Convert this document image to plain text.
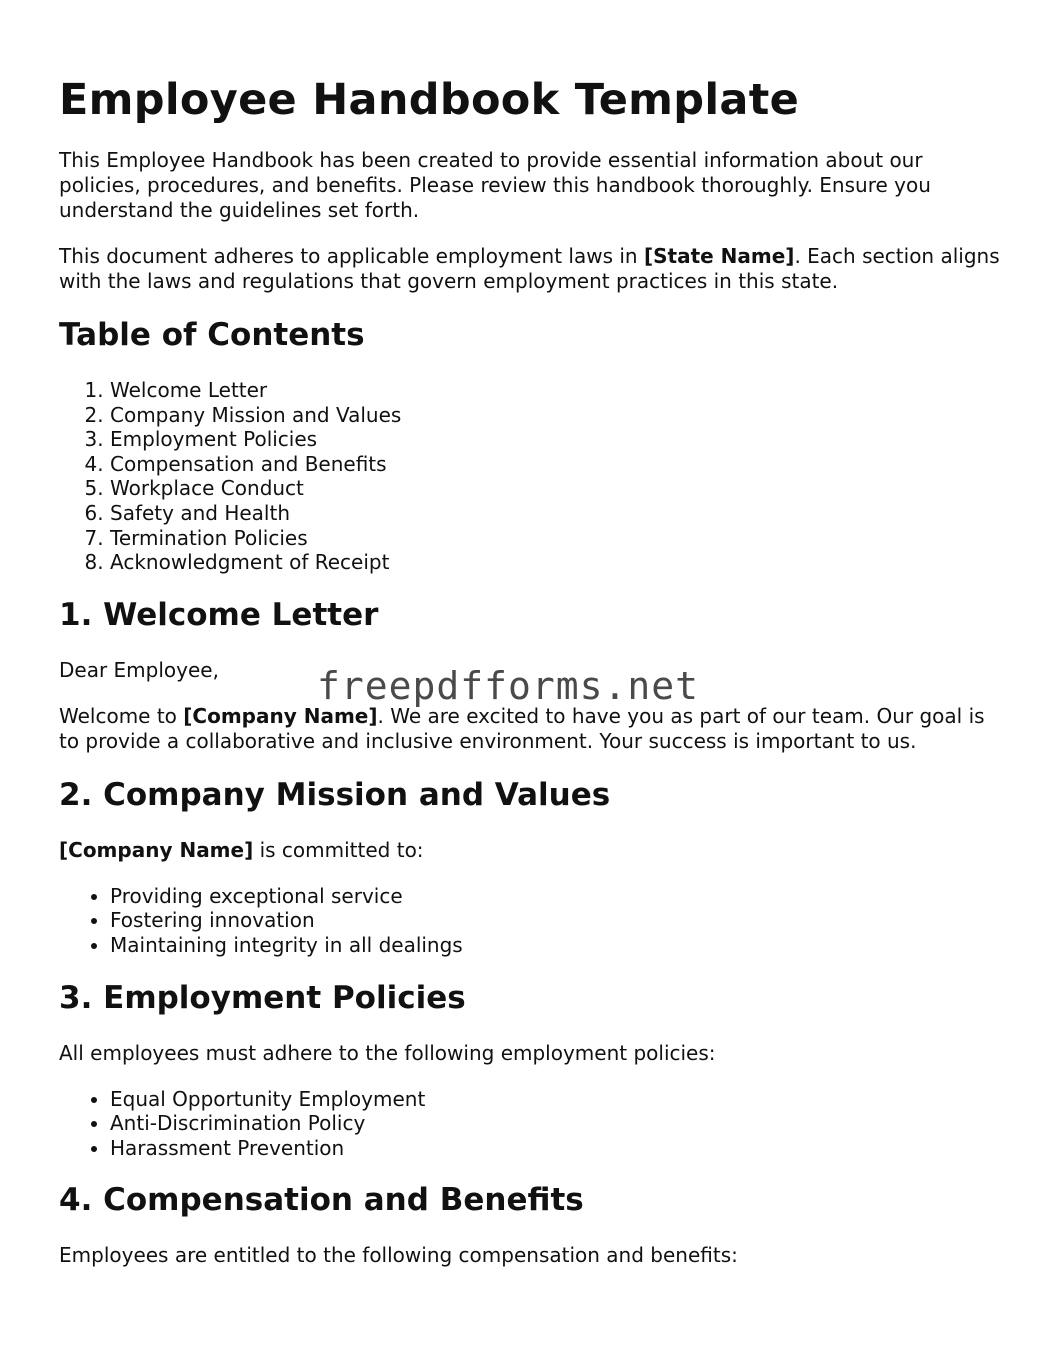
Employee Handbook Template

This Employee Handbook has been created to provide essential information about our policies, procedures, and benefits. Please review this handbook thoroughly. Ensure you understand the guidelines set forth.

This document adheres to applicable employment laws in [State Name]. Each section aligns with the laws and regulations that govern employment practices in this state.

Table of Contents
1. Welcome Letter
2. Company Mission and Values
3. Employment Policies
4. Compensation and Benefits
5. Workplace Conduct
6. Safety and Health
7. Termination Policies
8. Acknowledgment of Receipt
1. Welcome Letter

Dear Employee,

Welcome to [Company Name]. We are excited to have you as part of our team. Our goal is to provide a collaborative and inclusive environment. Your success is important to us.

2. Company Mission and Values

[Company Name] is committed to:

• Providing exceptional service
• Fostering innovation
• Maintaining integrity in all dealings
3. Employment Policies

All employees must adhere to the following employment policies:

• Equal Opportunity Employment
• Anti-Discrimination Policy
• Harassment Prevention
4. Compensation and Benefits

Employees are entitled to the following compensation and benefits:

freepdfforms.net
